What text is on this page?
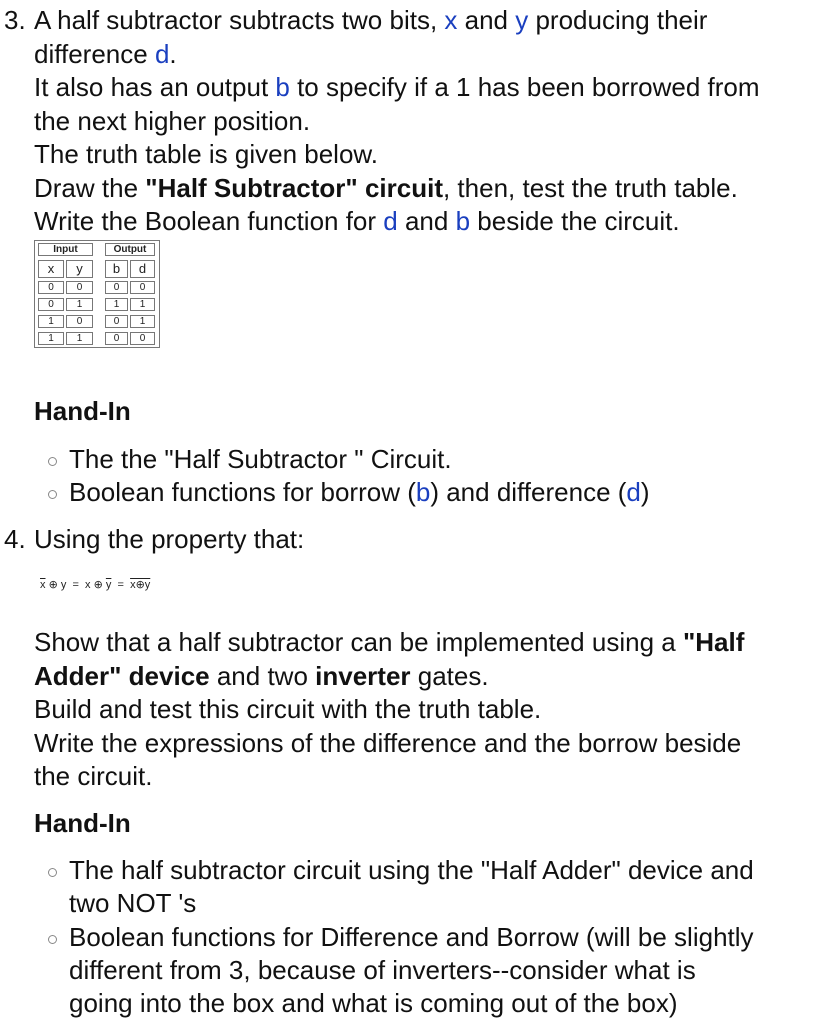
3. A half subtractor subtracts two bits, x and y producing their
difference d.
It also has an output b to specify if a 1 has been borrowed from
the next higher position.
The truth table is given below.
Draw the "Half Subtractor" circuit, then, test the truth table.
Write the Boolean function for d and b beside the circuit.
Input	Output
x	y	b	d
0	0	0	0
0	1	1	1
1	0	0	1
1	1	0	0
Hand-In
The the "Half Subtractor " Circuit.
Boolean functions for borrow (b) and difference (d)
4. Using the property that:
$\overline{x}$ ⊕ y = x ⊕ $\overline{y}$ = x⊕y
Show that a half subtractor can be implemented using a "Half
Adder" device and two inverter gates.
Build and test this circuit with the truth table.
Write the expressions of the difference and the borrow beside
the circuit.
Hand-In
The half subtractor circuit using the "Half Adder" device and
two NOT 's
Boolean functions for Difference and Borrow (will be slightly
different from 3, because of inverters--consider what is
going into the box and what is coming out of the box)
